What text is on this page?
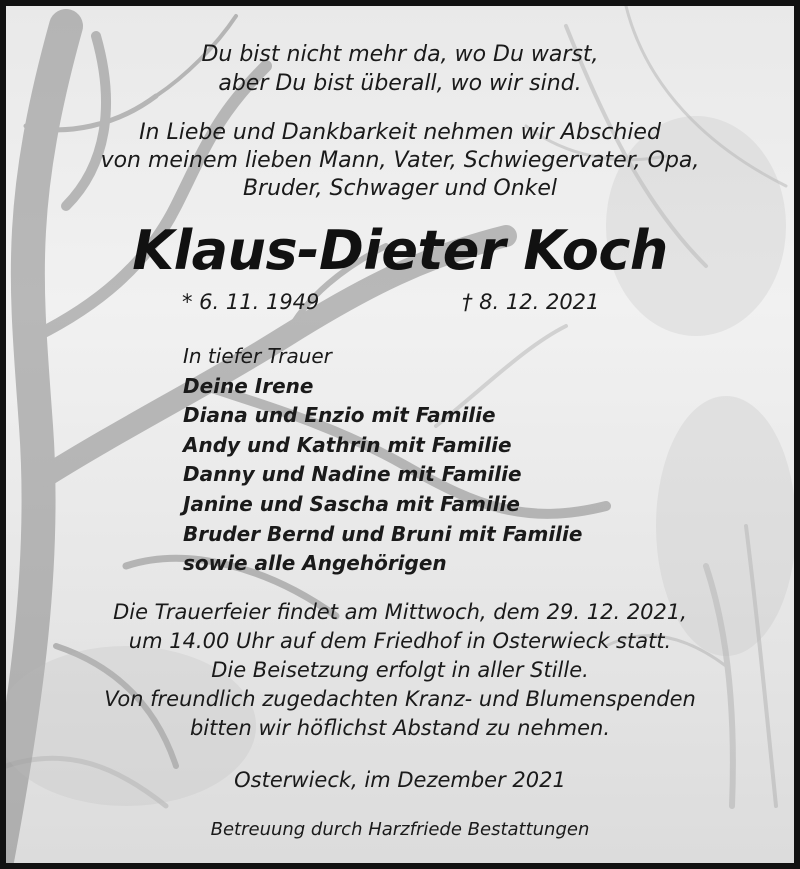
Du bist nicht mehr da, wo Du warst,
aber Du bist überall, wo wir sind.
In Liebe und Dankbarkeit nehmen wir Abschied
von meinem lieben Mann, Vater, Schwiegervater, Opa,
Bruder, Schwager und Onkel
Klaus-Dieter Koch
* 6. 11. 1949	† 8. 12. 2021
In tiefer Trauer
Deine Irene
Diana und Enzio mit Familie
Andy und Kathrin mit Familie
Danny und Nadine mit Familie
Janine und Sascha mit Familie
Bruder Bernd und Bruni mit Familie
sowie alle Angehörigen
Die Trauerfeier findet am Mittwoch, dem 29. 12. 2021,
um 14.00 Uhr auf dem Friedhof in Osterwieck statt.
Die Beisetzung erfolgt in aller Stille.
Von freundlich zugedachten Kranz- und Blumenspenden
bitten wir höflichst Abstand zu nehmen.
Osterwieck, im Dezember 2021
Betreuung durch Harzfriede Bestattungen
